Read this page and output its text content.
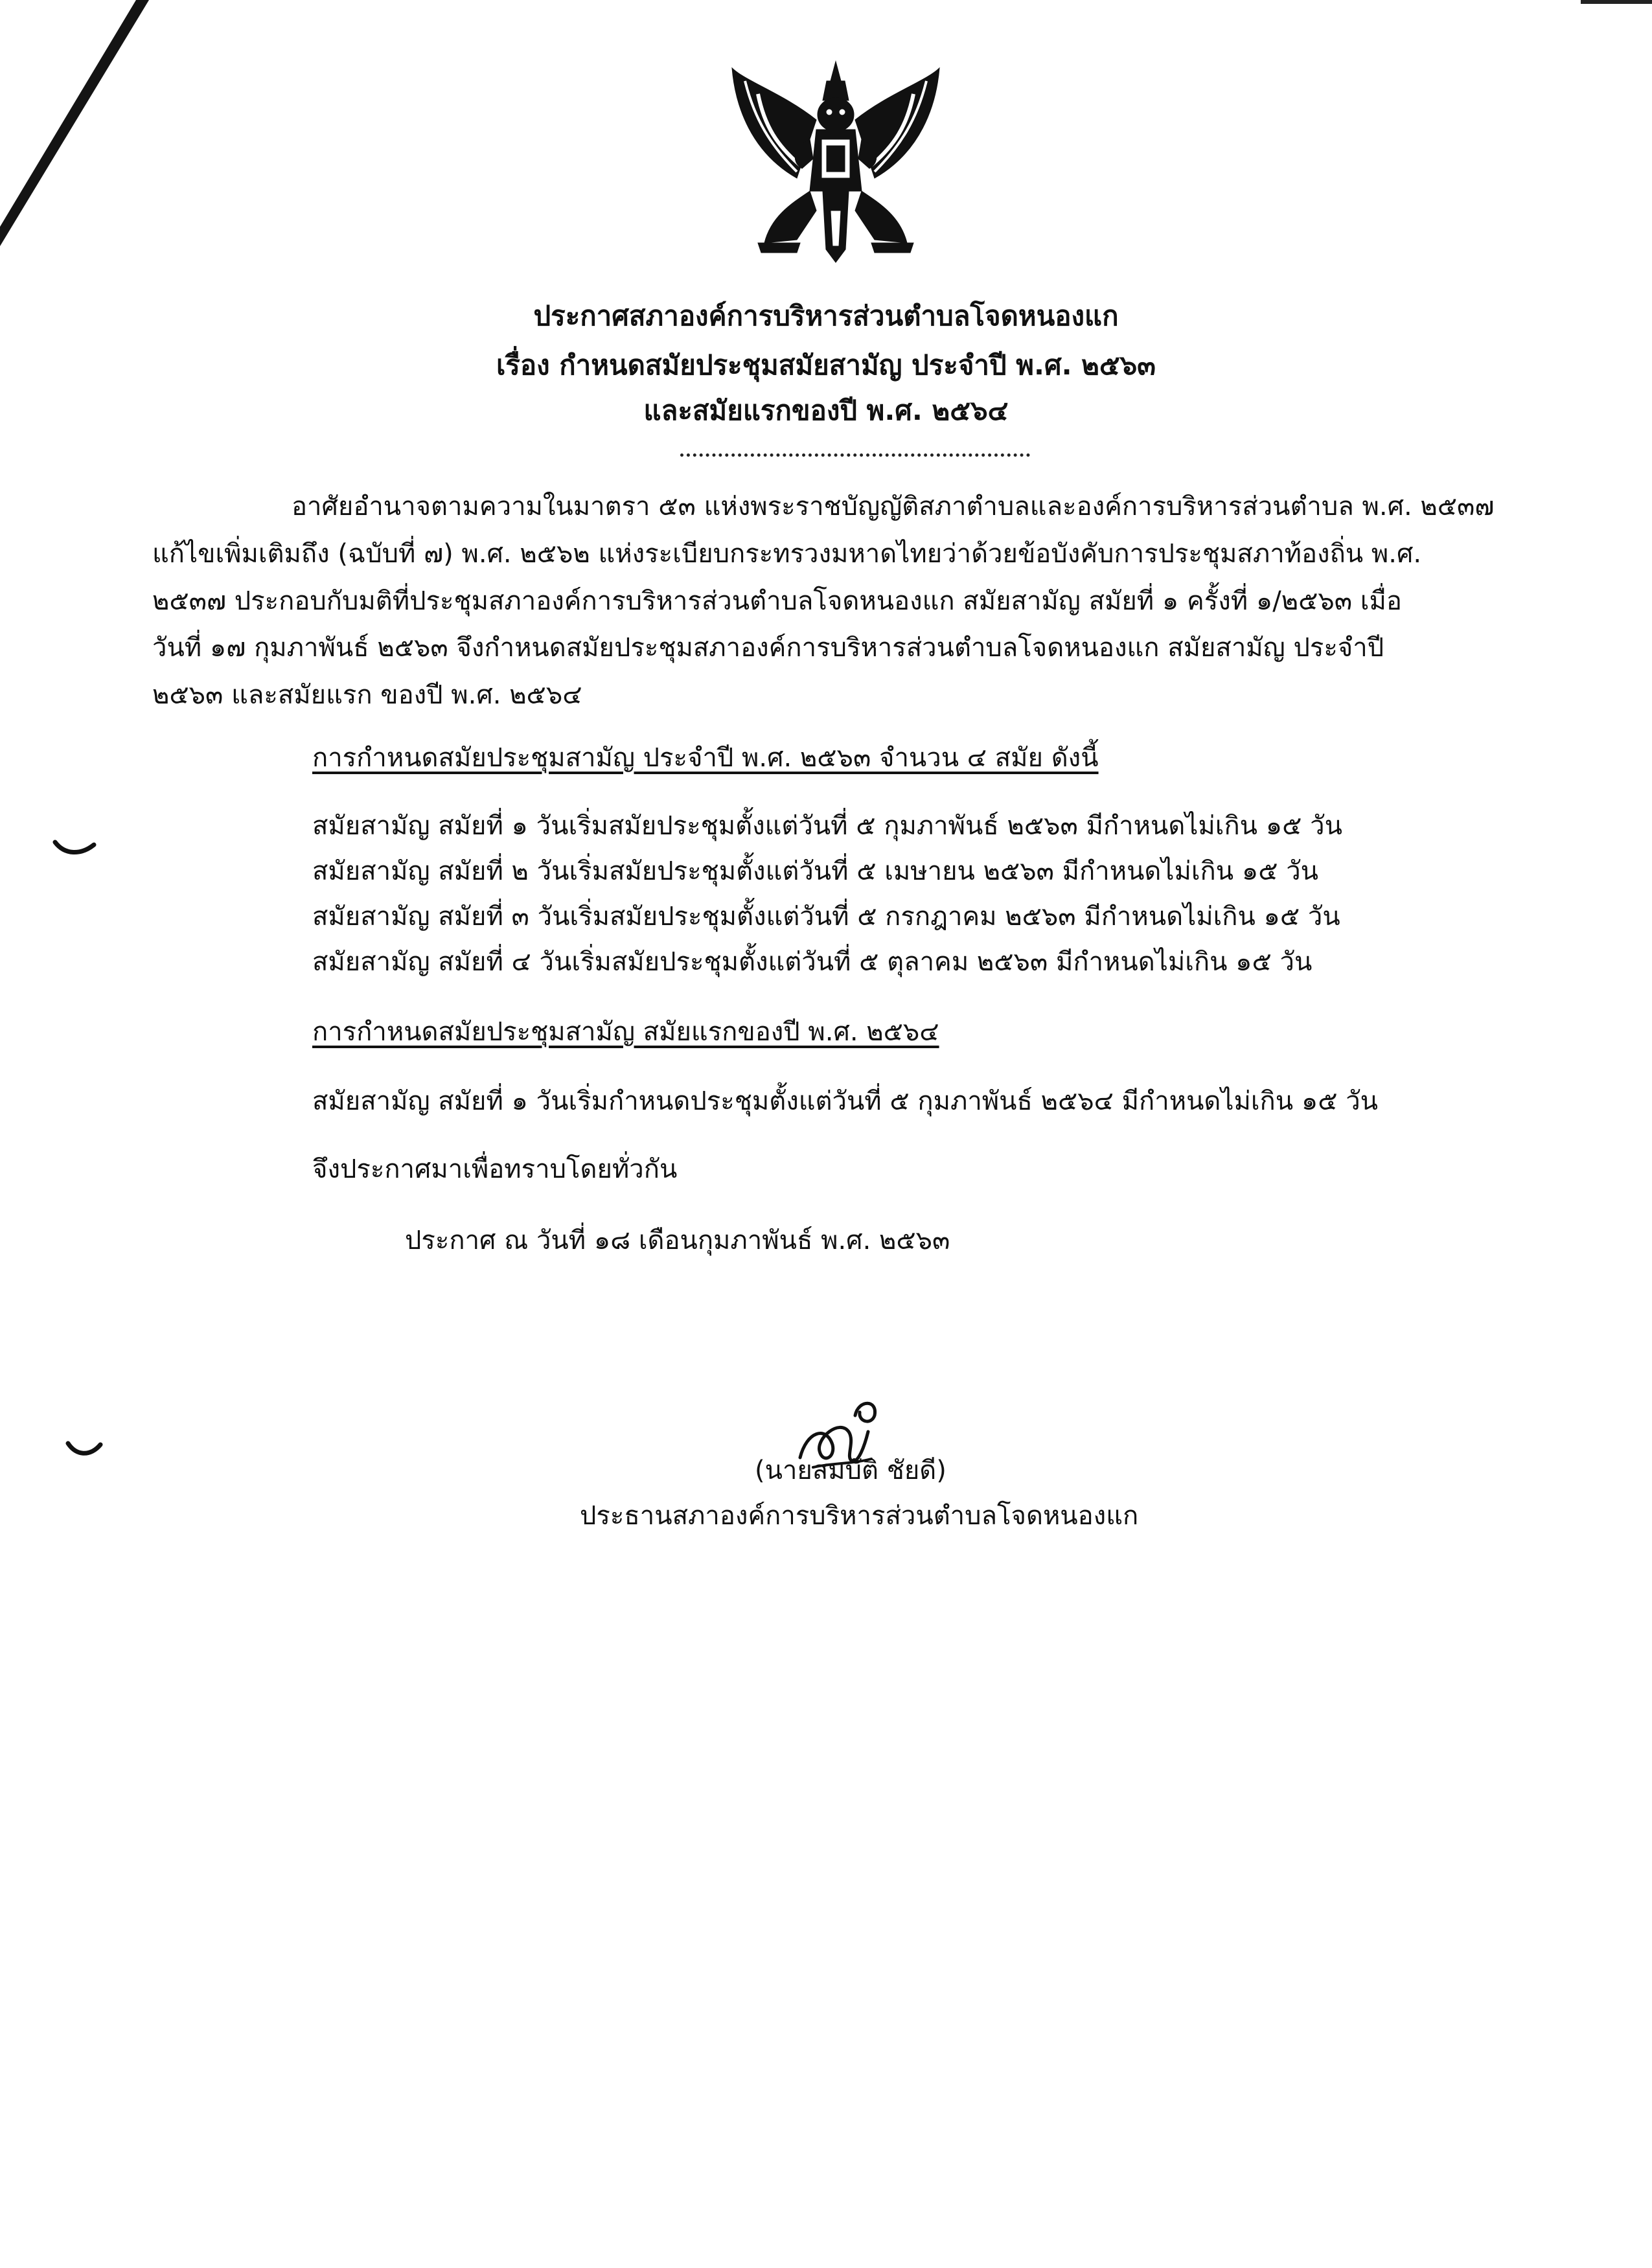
ประกาศสภาองค์การบริหารส่วนตำบลโจดหนองแก
เรื่อง กำหนดสมัยประชุมสมัยสามัญ ประจำปี พ.ศ. ๒๕๖๓
และสมัยแรกของปี พ.ศ. ๒๕๖๔
อาศัยอำนาจตามความในมาตรา ๕๓ แห่งพระราชบัญญัติสภาตำบลและองค์การบริหารส่วนตำบล พ.ศ. ๒๕๓๗
แก้ไขเพิ่มเติมถึง (ฉบับที่ ๗) พ.ศ. ๒๕๖๒ แห่งระเบียบกระทรวงมหาดไทยว่าด้วยข้อบังคับการประชุมสภาท้องถิ่น พ.ศ.
๒๕๓๗ ประกอบกับมติที่ประชุมสภาองค์การบริหารส่วนตำบลโจดหนองแก สมัยสามัญ สมัยที่ ๑ ครั้งที่ ๑/๒๕๖๓ เมื่อ
วันที่ ๑๗ กุมภาพันธ์ ๒๕๖๓ จึงกำหนดสมัยประชุมสภาองค์การบริหารส่วนตำบลโจดหนองแก สมัยสามัญ ประจำปี
๒๕๖๓ และสมัยแรก ของปี พ.ศ. ๒๕๖๔
การกำหนดสมัยประชุมสามัญ ประจำปี พ.ศ. ๒๕๖๓ จำนวน ๔ สมัย ดังนี้
สมัยสามัญ สมัยที่ ๑ วันเริ่มสมัยประชุมตั้งแต่วันที่ ๕ กุมภาพันธ์ ๒๕๖๓ มีกำหนดไม่เกิน ๑๕ วัน
สมัยสามัญ สมัยที่ ๒ วันเริ่มสมัยประชุมตั้งแต่วันที่ ๕ เมษายน ๒๕๖๓ มีกำหนดไม่เกิน ๑๕ วัน
สมัยสามัญ สมัยที่ ๓ วันเริ่มสมัยประชุมตั้งแต่วันที่ ๕ กรกฎาคม ๒๕๖๓ มีกำหนดไม่เกิน ๑๕ วัน
สมัยสามัญ สมัยที่ ๔ วันเริ่มสมัยประชุมตั้งแต่วันที่ ๕ ตุลาคม ๒๕๖๓ มีกำหนดไม่เกิน ๑๕ วัน
การกำหนดสมัยประชุมสามัญ สมัยแรกของปี พ.ศ. ๒๕๖๔
สมัยสามัญ สมัยที่ ๑ วันเริ่มกำหนดประชุมตั้งแต่วันที่ ๕ กุมภาพันธ์ ๒๕๖๔ มีกำหนดไม่เกิน ๑๕ วัน
จึงประกาศมาเพื่อทราบโดยทั่วกัน
ประกาศ ณ วันที่ ๑๘ เดือนกุมภาพันธ์ พ.ศ. ๒๕๖๓
(นายสมบัติ ชัยดี)
ประธานสภาองค์การบริหารส่วนตำบลโจดหนองแก
